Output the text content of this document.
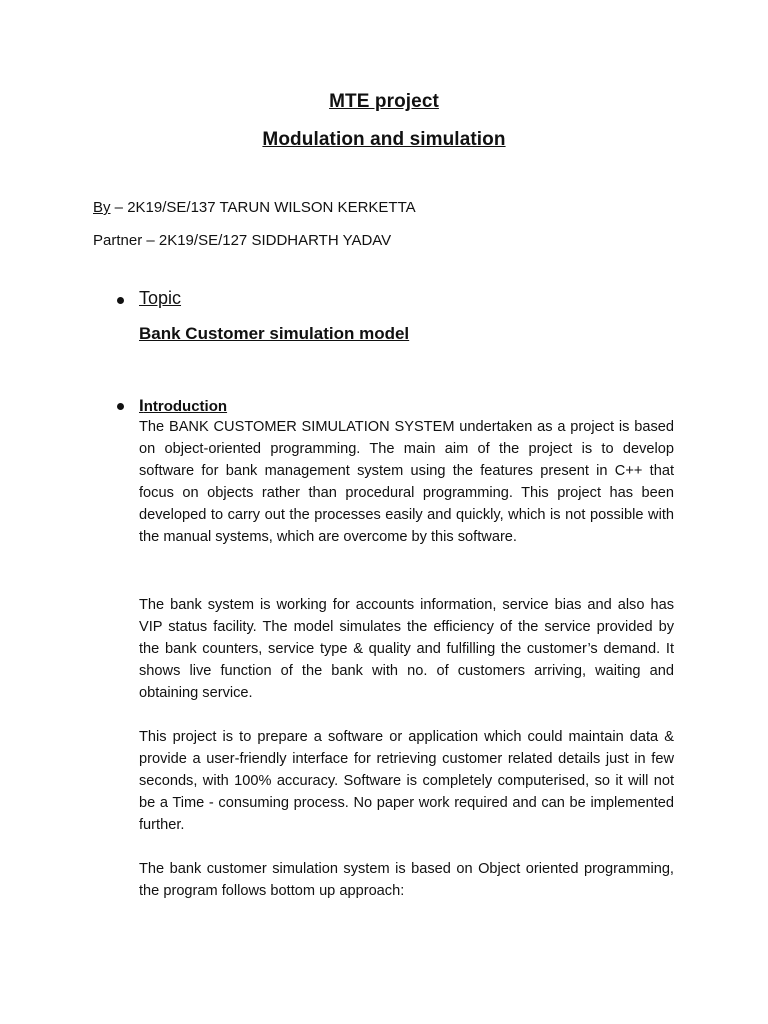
MTE project
Modulation and simulation
By – 2K19/SE/137 TARUN WILSON KERKETTA
Partner – 2K19/SE/127 SIDDHARTH YADAV
Topic
Bank Customer simulation model
Introduction
The BANK CUSTOMER SIMULATION SYSTEM undertaken as a project is based on object-oriented programming. The main aim of the project is to develop software for bank management system using the features present in C++ that focus on objects rather than procedural programming. This project has been developed to carry out the processes easily and quickly, which is not possible with the manual systems, which are overcome by this software.
The bank system is working for accounts information, service bias and also has VIP status facility. The model simulates the efficiency of the service provided by the bank counters, service type & quality and fulfilling the customer’s demand. It shows live function of the bank with no. of customers arriving, waiting and obtaining service.
This project is to prepare a software or application which could maintain data & provide a user-friendly interface for retrieving customer related details just in few seconds, with 100% accuracy. Software is completely computerised, so it will not be a Time - consuming process. No paper work required and can be implemented further.
The bank customer simulation system is based on Object oriented programming, the program follows bottom up approach:
